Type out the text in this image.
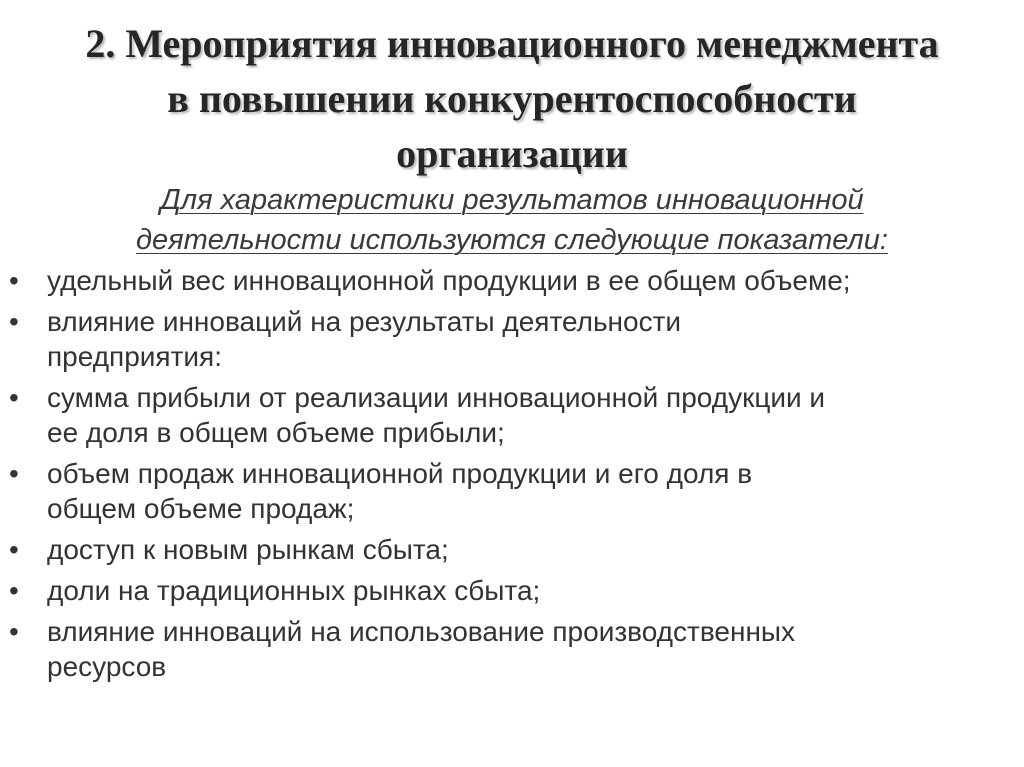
2. Мероприятия инновационного менеджмента
в повышении конкурентоспособности
организации
Для характеристики результатов инновационной
деятельности используются следующие показатели:
• удельный вес инновационной продукции в ее общем объеме;
• влияние инноваций на результаты деятельности
предприятия:
• сумма прибыли от реализации инновационной продукции и
ее доля в общем объеме прибыли;
• объем продаж инновационной продукции и его доля в
общем объеме продаж;
• доступ к новым рынкам сбыта;
• доли на традиционных рынках сбыта;
• влияние инноваций на использование производственных
ресурсов
